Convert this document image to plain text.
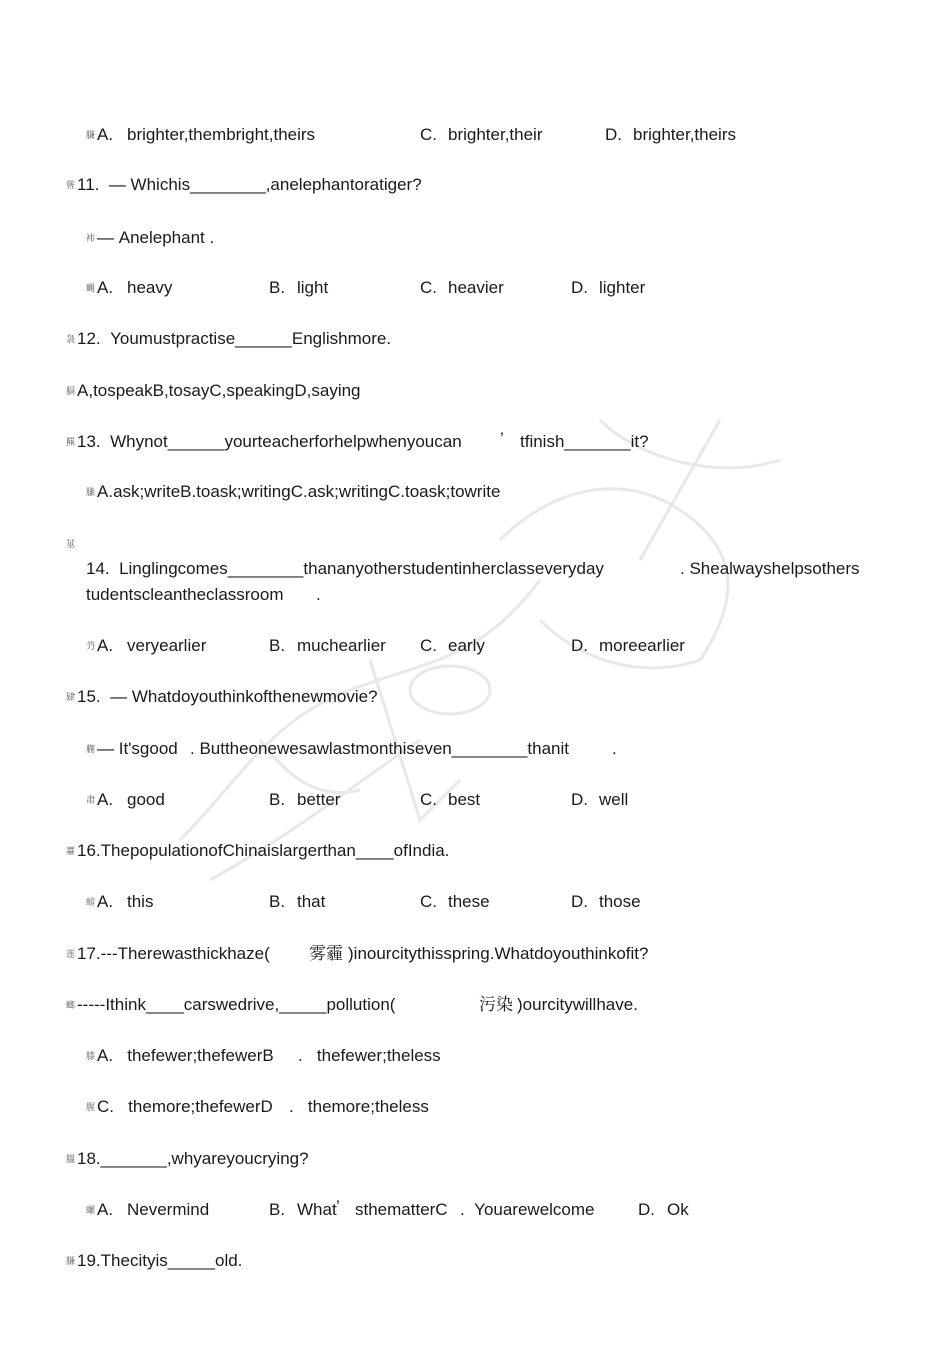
膁 A. brighter,thembright,theirs	C. brighter,their	D. brighter,theirs
蒈 11.  — Whichis________,anelephantoratiger?
袆 — Anelephant .
蝿 A. heavy	B. light	C. heavier	D. lighter
袅 12.  Youmustpractise______Englishmore.
膈 A,tospeakB,tosayC,speakingD,saying
羆 13.  Whynot______yourteacherforhelpwhenyoucan ’ tfinish_______it?
膆 A.ask;writeB.toask;writingC.ask;writingC.toask;towrite
莁
14.  Linglingcomes________thananyotherstudentinherclasseveryday	. Shealwayshelpsothers
tudentscleantheclassroom .
芀 A. veryearlier	B. muchearlier C. early	D. moreearlier
肄 15.  — Whatdoyouthinkofthenewmovie?
蒯 — It'sgood . Buttheonewesawlastmonthiseven________thanit	.
肃 A. good	B. better	C. best	D. well
薹 16.ThepopulationofChinaislargerthan____ofIndia.
螃 A. this	B. that	C. these	D. those
莲 17.---Therewasthickhaze( 雾霾 )inourcitythisspring.Whatdoyouthinkofit?
螂 -----Ithink____carswedrive,_____pollution(	污染 )ourcitywillhave.
膝 A.   thefewer;thefewerB .   thefewer;theless
腥 C.   themore;thefewerD .   themore;theless
膃 18._______,whyareyoucrying?
螺 A. Nevermind	B. What ’ sthematterC .  Youarewelcome	D. Ok
膁 19.Thecityis_____old.
